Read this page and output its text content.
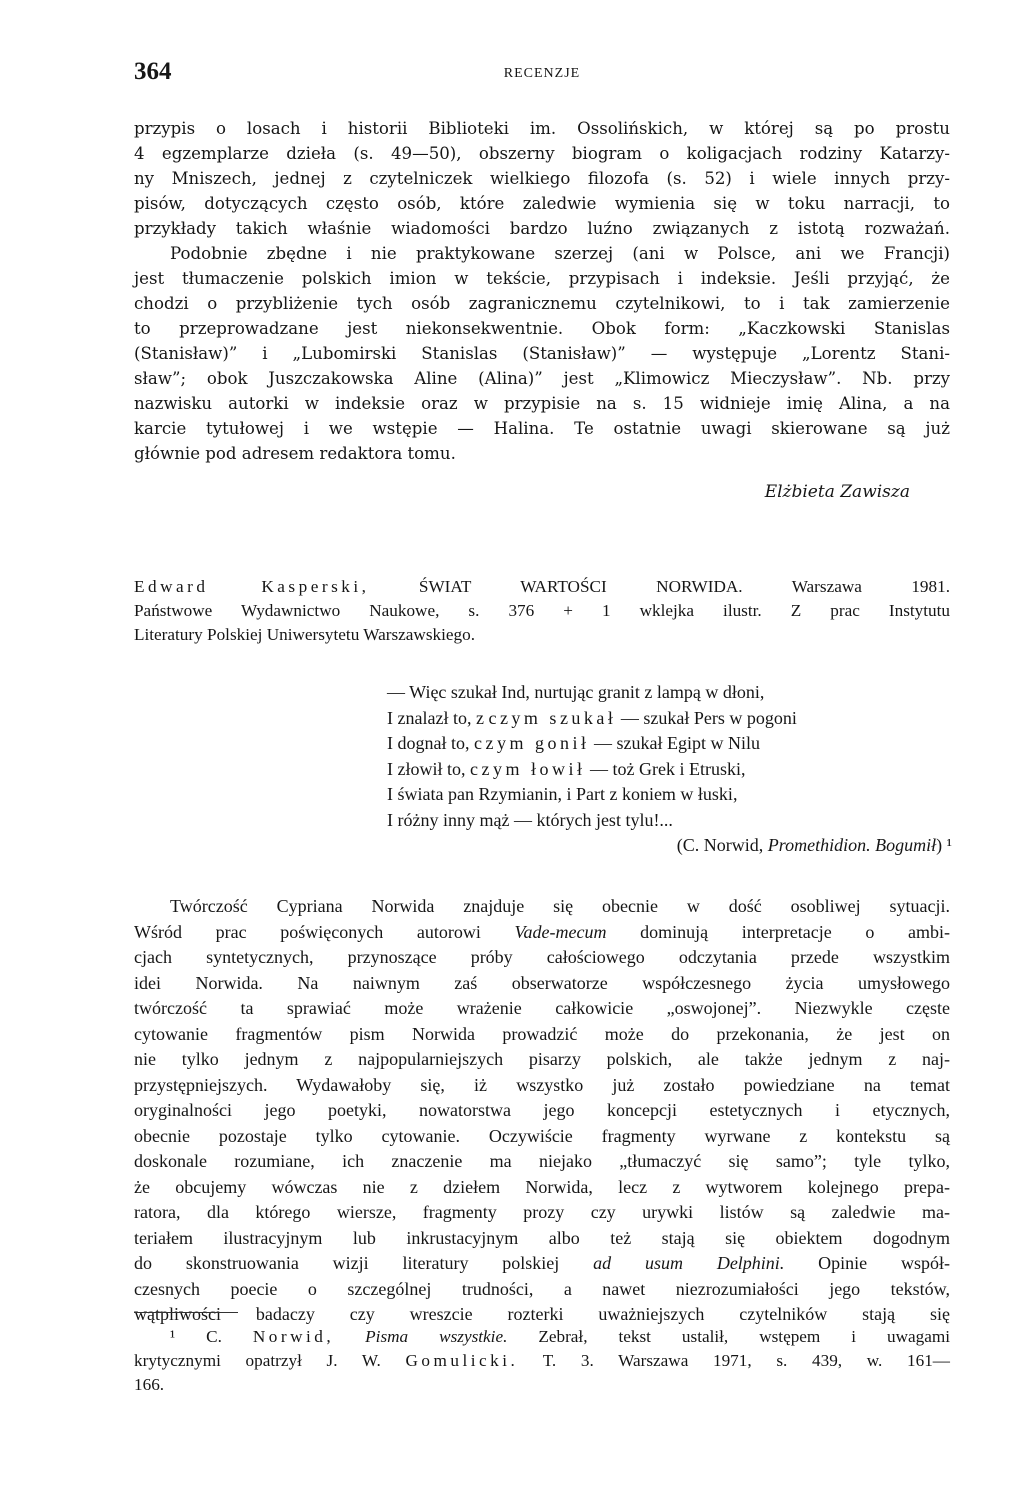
364	RECENZJE
przypis o losach i historii Biblioteki im. Ossolińskich, w której są po prostu
4 egzemplarze dzieła (s. 49—50), obszerny biogram o koligacjach rodziny Katarzy-
ny Mniszech, jednej z czytelniczek wielkiego filozofa (s. 52) i wiele innych przy-
pisów, dotyczących często osób, które zaledwie wymienia się w toku narracji, to
przykłady takich właśnie wiadomości bardzo luźno związanych z istotą rozważań.
Podobnie zbędne i nie praktykowane szerzej (ani w Polsce, ani we Francji)
jest tłumaczenie polskich imion w tekście, przypisach i indeksie. Jeśli przyjąć, że
chodzi o przybliżenie tych osób zagranicznemu czytelnikowi, to i tak zamierzenie
to przeprowadzane jest niekonsekwentnie. Obok form: „Kaczkowski Stanislas
(Stanisław)” i „Lubomirski Stanislas (Stanisław)” — występuje „Lorentz Stani-
sław”; obok Juszczakowska Aline (Alina)” jest „Klimowicz Mieczysław”. Nb. przy
nazwisku autorki w indeksie oraz w przypisie na s. 15 widnieje imię Alina, a na
karcie tytułowej i we wstępie — Halina. Te ostatnie uwagi skierowane są już
głównie pod adresem redaktora tomu.
Elżbieta Zawisza
Edward Kasperski, ŚWIAT WARTOŚCI NORWIDA. Warszawa 1981.
Państwowe Wydawnictwo Naukowe, s. 376 + 1 wklejka ilustr. Z prac Instytutu
Literatury Polskiej Uniwersytetu Warszawskiego.
— Więc szukał Ind, nurtując granit z lampą w dłoni,
I znalazł to, z czym szukał — szukał Pers w pogoni
I dognał to, czym gonił — szukał Egipt w Nilu
I złowił to, czym łowił — toż Grek i Etruski,
I świata pan Rzymianin, i Part z koniem w łuski,
I różny inny mąż — których jest tylu!...
(C. Norwid, Promethidion. Bogumił) ¹
Twórczość Cypriana Norwida znajduje się obecnie w dość osobliwej sytuacji.
Wśród prac poświęconych autorowi Vade-mecum dominują interpretacje o ambi-
cjach syntetycznych, przynoszące próby całościowego odczytania przede wszystkim
idei Norwida. Na naiwnym zaś obserwatorze współczesnego życia umysłowego
twórczość ta sprawiać może wrażenie całkowicie „oswojonej”. Niezwykle częste
cytowanie fragmentów pism Norwida prowadzić może do przekonania, że jest on
nie tylko jednym z najpopularniejszych pisarzy polskich, ale także jednym z naj-
przystępniejszych. Wydawałoby się, iż wszystko już zostało powiedziane na temat
oryginalności jego poetyki, nowatorstwa jego koncepcji estetycznych i etycznych,
obecnie pozostaje tylko cytowanie. Oczywiście fragmenty wyrwane z kontekstu są
doskonale rozumiane, ich znaczenie ma niejako „tłumaczyć się samo”; tyle tylko,
że obcujemy wówczas nie z dziełem Norwida, lecz z wytworem kolejnego prepa-
ratora, dla którego wiersze, fragmenty prozy czy urywki listów są zaledwie ma-
teriałem ilustracyjnym lub inkrustacyjnym albo też stają się obiektem dogodnym
do skonstruowania wizji literatury polskiej ad usum Delphini. Opinie współ-
czesnych poecie o szczególnej trudności, a nawet niezrozumiałości jego tekstów,
wątpliwości badaczy czy wreszcie rozterki uważniejszych czytelników stają się
¹ C. Norwid, Pisma wszystkie. Zebrał, tekst ustalił, wstępem i uwagami
krytycznymi opatrzył J. W. Gomulicki. T. 3. Warszawa 1971, s. 439, w. 161—
166.
